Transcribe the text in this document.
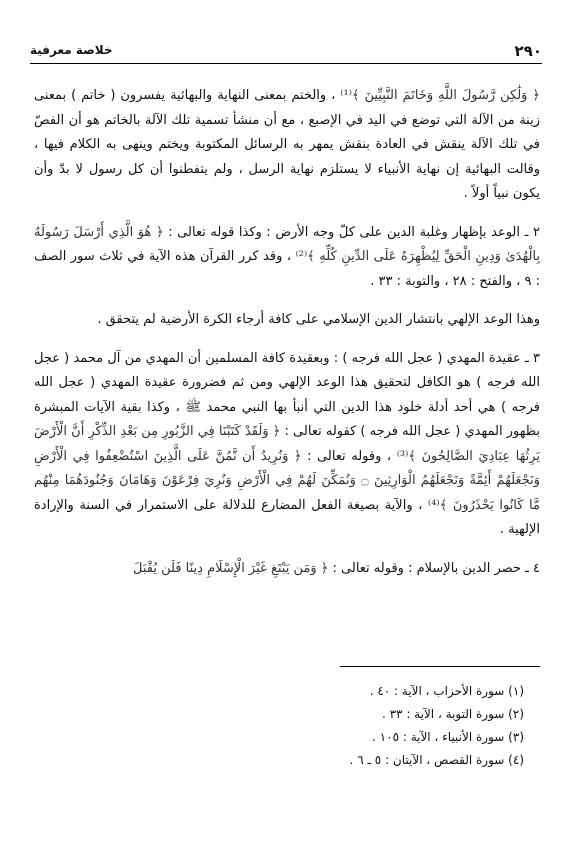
٢٩٠
خلاصة معرفية

﴿ وَلَٰكِن رَّسُولَ اللَّهِ وَخَاتَمَ النَّبِيِّينَ ﴾⁽¹⁾ ، والختم بمعنى النهاية والبهائية يفسرون ( خاتم ) بمعنى زينة من الآلة التي توضع في اليد في الإصبع ، مع أن منشأ تسمية تلك الآلة بالخاتم هو أن الفصّ في تلك الآلة ينقش في العادة بنقش يمهر به الرسائل المكتوبة ويختم وينهى به الكلام فيها ، وقالت البهائية إن نهاية الأنبياء لا يستلزم نهاية الرسل ، ولم يتفطنوا أن كل رسول لا بدّ وأن يكون نبياً أولاً .

٢ ـ الوعد بإظهار وغلبة الدين على كلّ وجه الأرض : وكذا قوله تعالى : ﴿ هُوَ الَّذِي أَرْسَلَ رَسُولَهُ بِالْهُدَىٰ وَدِينِ الْحَقِّ لِيُظْهِرَهُ عَلَى الدِّينِ كُلِّهِ ﴾⁽²⁾ ، وقد كرر القرآن هذه الآية في ثلاث سور الصف : ٩ ، والفتح : ٢٨ ، والتوبة : ٣٣ .

وهذا الوعد الإلهي بانتشار الدين الإسلامي على كافة أرجاء الكرة الأرضية لم يتحقق .

٣ ـ عقيدة المهدي ( عجل الله فرجه ) : وبعقيدة كافة المسلمين أن المهدي من آل محمد ( عجل الله فرجه ) هو الكافل لتحقيق هذا الوعد الإلهي ومن ثم فضرورة عقيدة المهدي ( عجل الله فرجه ) هي أحد أدلة خلود هذا الدين التي أنبأ بها النبي محمد ﷺ ، وكذا بقية الآيات المبشرة بظهور المهدي ( عجل الله فرجه ) كقوله تعالى : ﴿ وَلَقَدْ كَتَبْنَا فِي الزَّبُورِ مِن بَعْدِ الذِّكْرِ أَنَّ الْأَرْضَ يَرِثُهَا عِبَادِيَ الصَّالِحُونَ ﴾⁽³⁾ ، وقوله تعالى : ﴿ وَنُرِيدُ أَن نَّمُنَّ عَلَى الَّذِينَ اسْتُضْعِفُوا فِي الْأَرْضِ وَنَجْعَلَهُمْ أَئِمَّةً وَنَجْعَلَهُمُ الْوَارِثِينَ ۝ وَنُمَكِّنَ لَهُمْ فِي الْأَرْضِ وَنُرِيَ فِرْعَوْنَ وَهَامَانَ وَجُنُودَهُمَا مِنْهُم مَّا كَانُوا يَحْذَرُونَ ﴾⁽⁴⁾ ، والآية بصيغة الفعل المضارع للدلالة على الاستمرار في السنة والإرادة الإلهية .

٤ ـ حصر الدين بالإسلام : وقوله تعالى : ﴿ وَمَن يَبْتَغِ غَيْرَ الْإِسْلَامِ دِينًا فَلَن يُقْبَلَ

(١) سورة الأحزاب ، الآية : ٤٠ .
(٢) سورة التوبة ، الآية : ٣٣ .
(٣) سورة الأنبياء ، الآية : ١٠٥ .
(٤) سورة القصص ، الآيتان : ٥ ـ ٦ .
